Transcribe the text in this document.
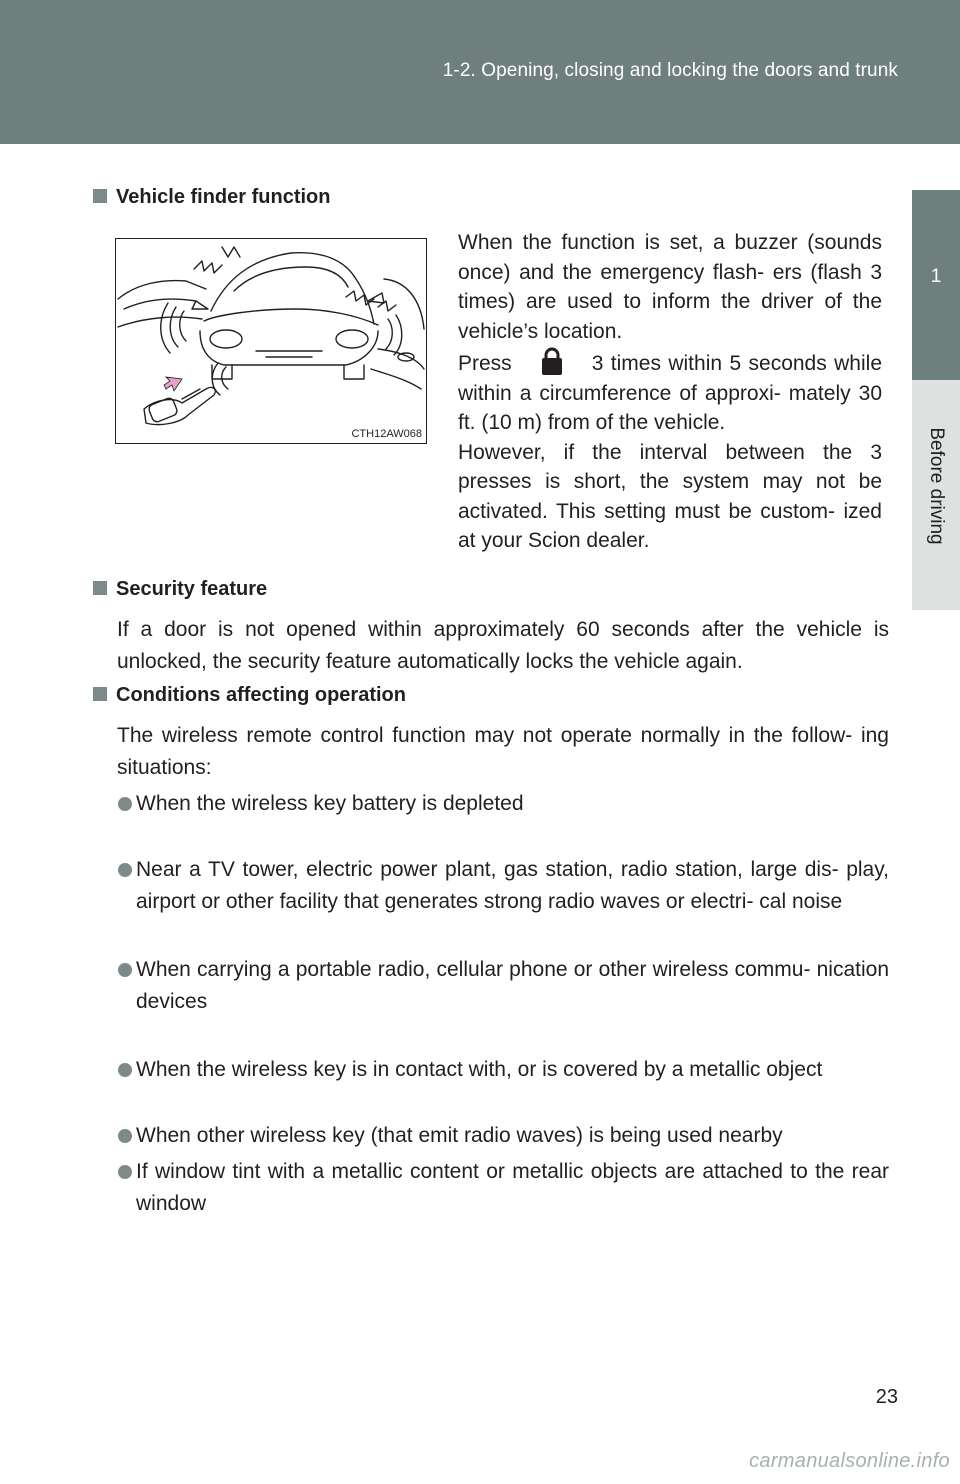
1-2. Opening, closing and locking the doors and trunk
1
Before driving
Vehicle finder function
CTH12AW068

When the function is set, a buzzer (sounds once) and the emergency flash- ers (flash 3 times) are used to inform the driver of the vehicle’s location.

Press	3 times within 5 seconds while within a circumference of approxi- mately 30 ft. (10 m) from of the vehicle.

However, if the interval between the 3 presses is short, the system may not be activated. This setting must be custom- ized at your Scion dealer.

Security feature
If a door is not opened within approximately 60 seconds after the vehicle is unlocked, the security feature automatically locks the vehicle again.
Conditions affecting operation
The wireless remote control function may not operate normally in the follow- ing situations:
When the wireless key battery is depleted
Near a TV tower, electric power plant, gas station, radio station, large dis- play, airport or other facility that generates strong radio waves or electri- cal noise
When carrying a portable radio, cellular phone or other wireless commu- nication devices
When the wireless key is in contact with, or is covered by a metallic object
When other wireless key (that emit radio waves) is being used nearby
If window tint with a metallic content or metallic objects are attached to the rear window
23
carmanualsonline.info
